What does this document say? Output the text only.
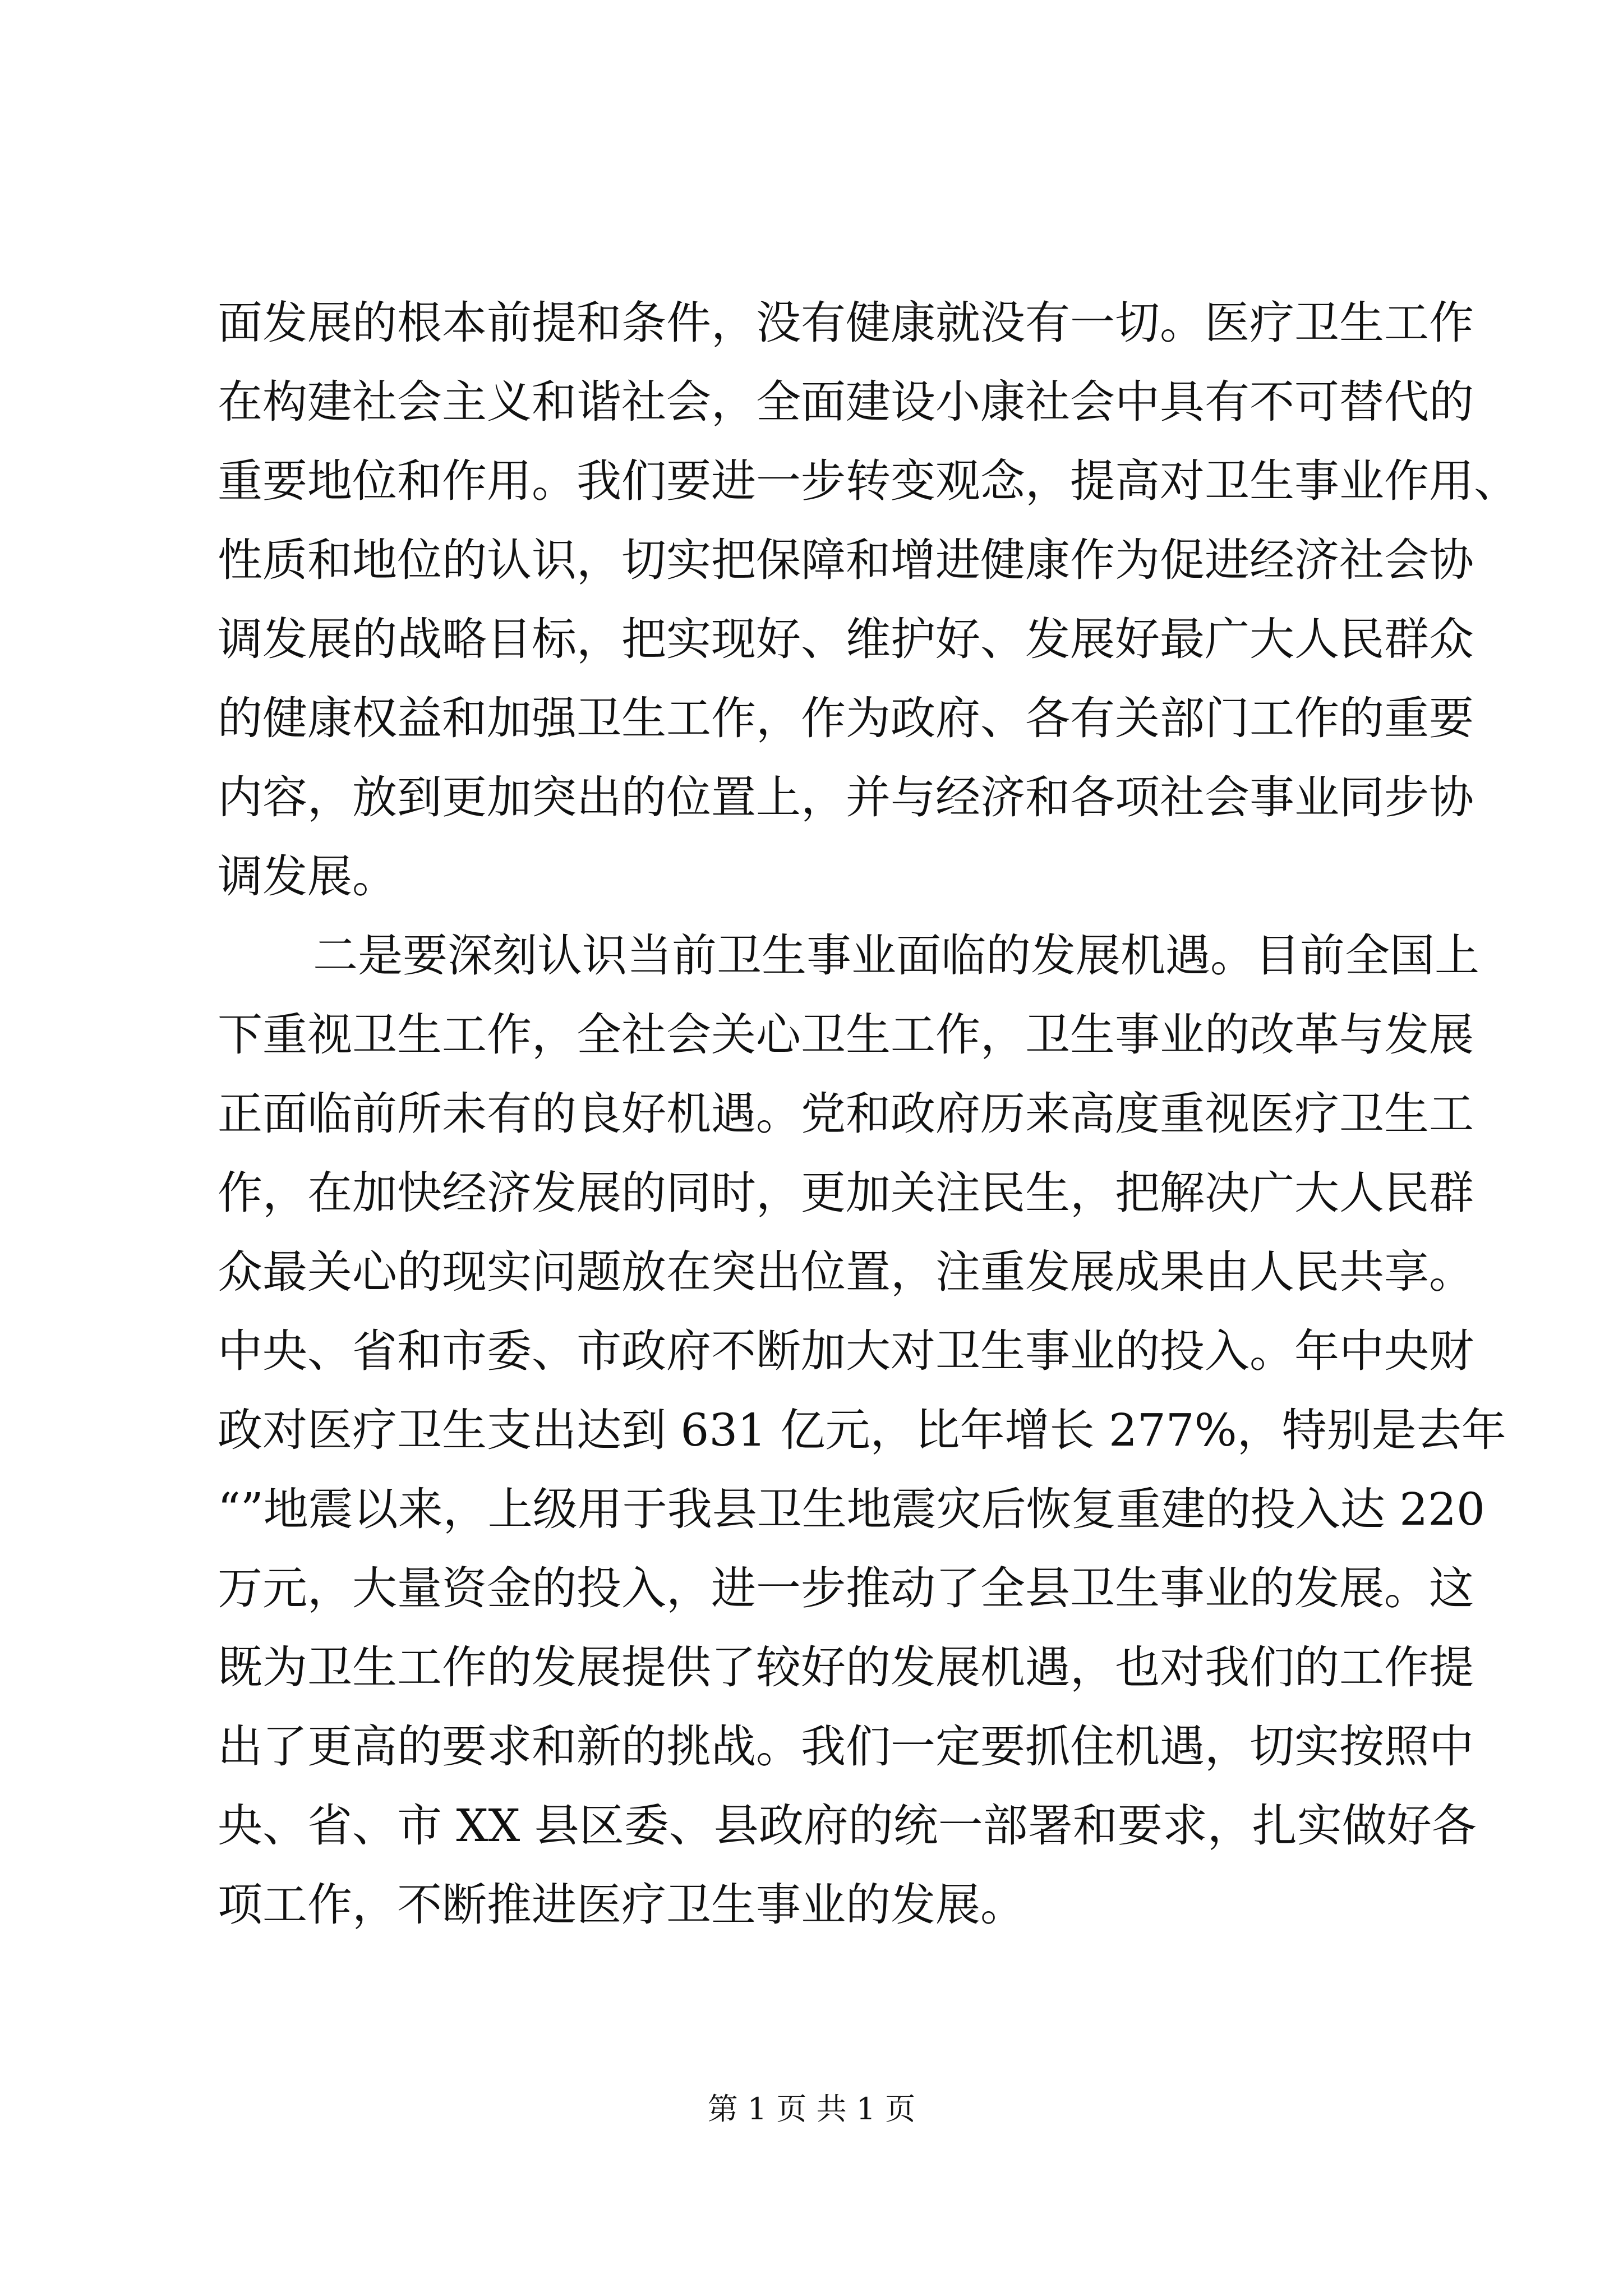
面发展的根本前提和条件，没有健康就没有一切。医疗卫生工作
在构建社会主义和谐社会，全面建设小康社会中具有不可替代的
重要地位和作用。我们要进一步转变观念，提高对卫生事业作用、
性质和地位的认识，切实把保障和增进健康作为促进经济社会协
调发展的战略目标，把实现好、维护好、发展好最广大人民群众
的健康权益和加强卫生工作，作为政府、各有关部门工作的重要
内容，放到更加突出的位置上，并与经济和各项社会事业同步协
调发展。
二是要深刻认识当前卫生事业面临的发展机遇。目前全国上
下重视卫生工作，全社会关心卫生工作，卫生事业的改革与发展
正面临前所未有的良好机遇。党和政府历来高度重视医疗卫生工
作，在加快经济发展的同时，更加关注民生，把解决广大人民群
众最关心的现实问题放在突出位置，注重发展成果由人民共享。
中央、省和市委、市政府不断加大对卫生事业的投入。年中央财
政对医疗卫生支出达到 631 亿元，比年增长 277%，特别是去年
“”地震以来，上级用于我县卫生地震灾后恢复重建的投入达 220
万元，大量资金的投入，进一步推动了全县卫生事业的发展。这
既为卫生工作的发展提供了较好的发展机遇，也对我们的工作提
出了更高的要求和新的挑战。我们一定要抓住机遇，切实按照中
央、省、市 XX 县区委、县政府的统一部署和要求，扎实做好各
项工作，不断推进医疗卫生事业的发展。
第 1 页 共 1 页
